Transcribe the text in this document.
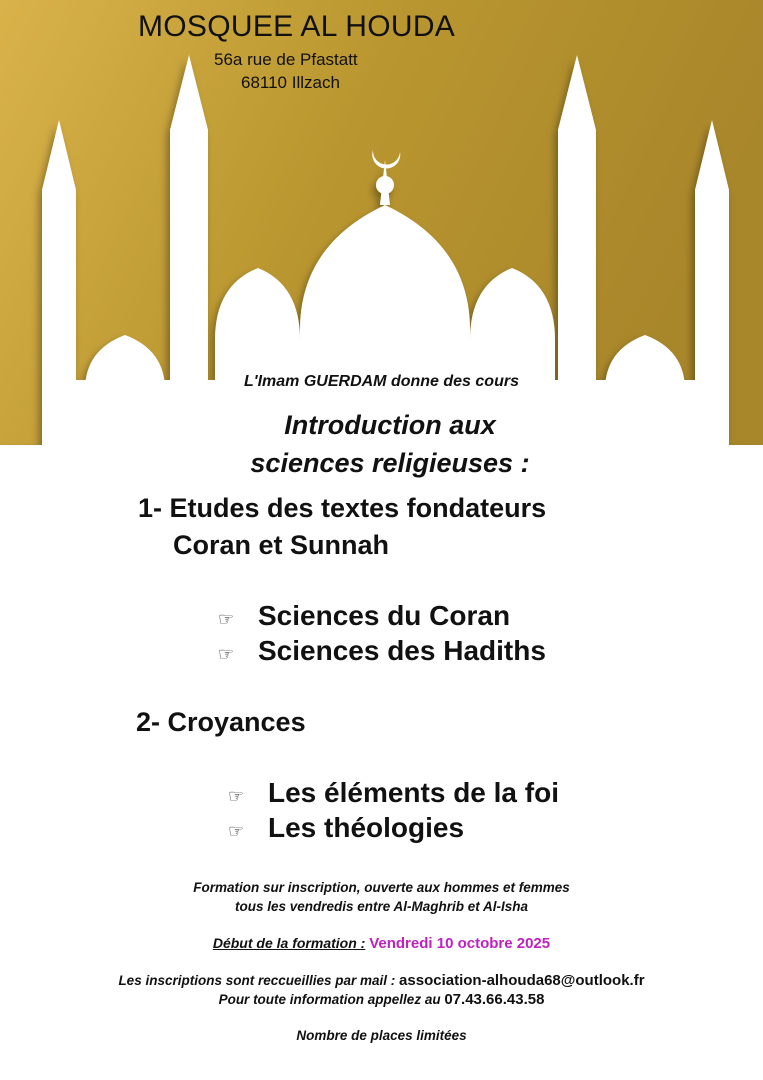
MOSQUEE AL HOUDA
56a rue de Pfastatt
68110 Illzach
L'Imam GUERDAM donne des cours
Introduction aux
sciences religieuses :
1- Etudes des textes fondateurs
Coran et Sunnah
☞ Sciences du Coran
☞ Sciences des Hadiths
2- Croyances
☞ Les éléments de la foi
☞ Les théologies
Formation sur inscription, ouverte aux hommes et femmes
tous les vendredis entre Al-Maghrib et Al-Isha
Début de la formation : Vendredi 10 octobre 2025
Les inscriptions sont reccueillies par mail : association-alhouda68@outlook.fr
Pour toute information appellez au 07.43.66.43.58
Nombre de places limitées
